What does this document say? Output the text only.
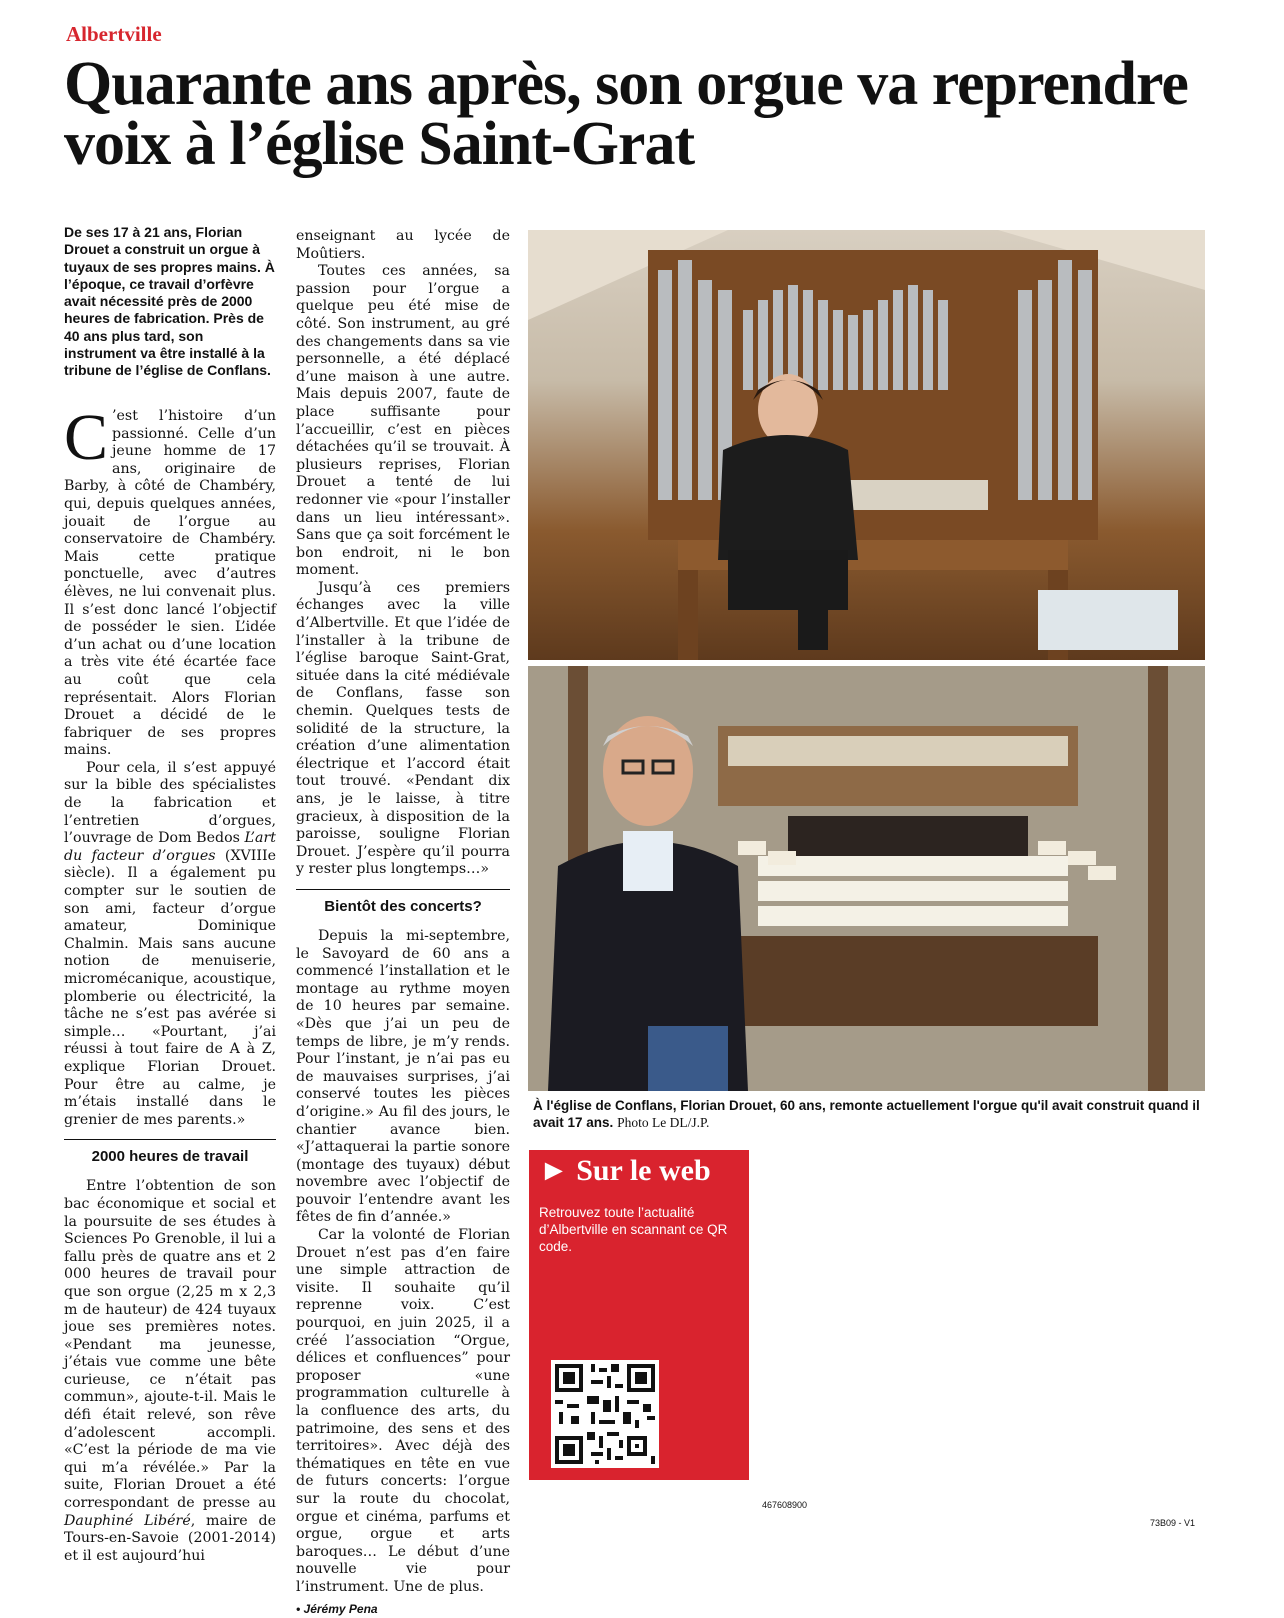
Albertville
Quarante ans après, son orgue va reprendre voix à l’église Saint-Grat
De ses 17 à 21 ans, Florian Drouet a construit un orgue à tuyaux de ses propres mains. À l’époque, ce travail d’orfèvre avait nécessité près de 2000 heures de fabrication. Près de 40 ans plus tard, son instrument va être installé à la tribune de l’église de Conflans.

C ’est l’histoire d’un passionné. Celle d’un jeune homme de 17 ans, originaire de Barby, à côté de Chambéry, qui, depuis quelques années, jouait de l’orgue au conservatoire de Chambéry. Mais cette pratique ponctuelle, avec d’autres élèves, ne lui convenait plus. Il s’est donc lancé l’objectif de posséder le sien. L’idée d’un achat ou d’une location a très vite été écartée face au coût que cela représentait. Alors Florian Drouet a décidé de le fabriquer de ses propres mains.

Pour cela, il s’est appuyé sur la bible des spécialistes de la fabrication et l’entretien d’orgues, l’ouvrage de Dom Bedos L’art du facteur d’orgues (XVIIIe siècle). Il a également pu compter sur le soutien de son ami, facteur d’orgue amateur, Dominique Chalmin. Mais sans aucune notion de menuiserie, micromécanique, acoustique, plomberie ou électricité, la tâche ne s’est pas avérée si simple… «Pourtant, j’ai réussi à tout faire de A à Z, explique Florian Drouet. Pour être au calme, je m’étais installé dans le grenier de mes parents.»

2000 heures de travail

Entre l’obtention de son bac économique et social et la poursuite de ses études à Sciences Po Grenoble, il lui a fallu près de quatre ans et 2 000 heures de travail pour que son orgue (2,25 m x 2,3 m de hauteur) de 424 tuyaux joue ses premières notes. «Pendant ma jeunesse, j’étais vue comme une bête curieuse, ce n’était pas commun», ajoute-t-il. Mais le défi était relevé, son rêve d’adolescent accompli. «C’est la période de ma vie qui m’a révélée.» Par la suite, Florian Drouet a été correspondant de presse au Dauphiné Libéré, maire de Tours-en-Savoie (2001-2014) et il est aujourd’hui

enseignant au lycée de Moûtiers.

Toutes ces années, sa passion pour l’orgue a quelque peu été mise de côté. Son instrument, au gré des changements dans sa vie personnelle, a été déplacé d’une maison à une autre. Mais depuis 2007, faute de place suffisante pour l’accueillir, c’est en pièces détachées qu’il se trouvait. À plusieurs reprises, Florian Drouet a tenté de lui redonner vie «pour l’installer dans un lieu intéressant». Sans que ça soit forcément le bon endroit, ni le bon moment.

Jusqu’à ces premiers échanges avec la ville d’Albertville. Et que l’idée de l’installer à la tribune de l’église baroque Saint-Grat, située dans la cité médiévale de Conflans, fasse son chemin. Quelques tests de solidité de la structure, la création d’une alimentation électrique et l’accord était tout trouvé. «Pendant dix ans, je le laisse, à titre gracieux, à disposition de la paroisse, souligne Florian Drouet. J’espère qu’il pourra y rester plus longtemps…»

Bientôt des concerts?

Depuis la mi-septembre, le Savoyard de 60 ans a commencé l’installation et le montage au rythme moyen de 10 heures par semaine. «Dès que j’ai un peu de temps de libre, je m’y rends. Pour l’instant, je n’ai pas eu de mauvaises surprises, j’ai conservé toutes les pièces d’origine.» Au fil des jours, le chantier avance bien. «J’attaquerai la partie sonore (montage des tuyaux) début novembre avec l’objectif de pouvoir l’entendre avant les fêtes de fin d’année.»

Car la volonté de Florian Drouet n’est pas d’en faire une simple attraction de visite. Il souhaite qu’il reprenne voix. C’est pourquoi, en juin 2025, il a créé l’association “Orgue, délices et confluences” pour proposer «une programmation culturelle à la confluence des arts, du patrimoine, des sens et des territoires». Avec déjà des thématiques en tête en vue de futurs concerts: l’orgue sur la route du chocolat, orgue et cinéma, parfums et orgue, orgue et arts baroques… Le début d’une nouvelle vie pour l’instrument. Une de plus.

• Jérémy Pena
À l'église de Conflans, Florian Drouet, 60 ans, remonte actuellement l'orgue qu'il avait construit quand il avait 17 ans. Photo Le DL/J.P.
► Sur le web
Retrouvez toute l’actualité d’Albertville en scannant ce QR code.
467608900
73B09 - V1
